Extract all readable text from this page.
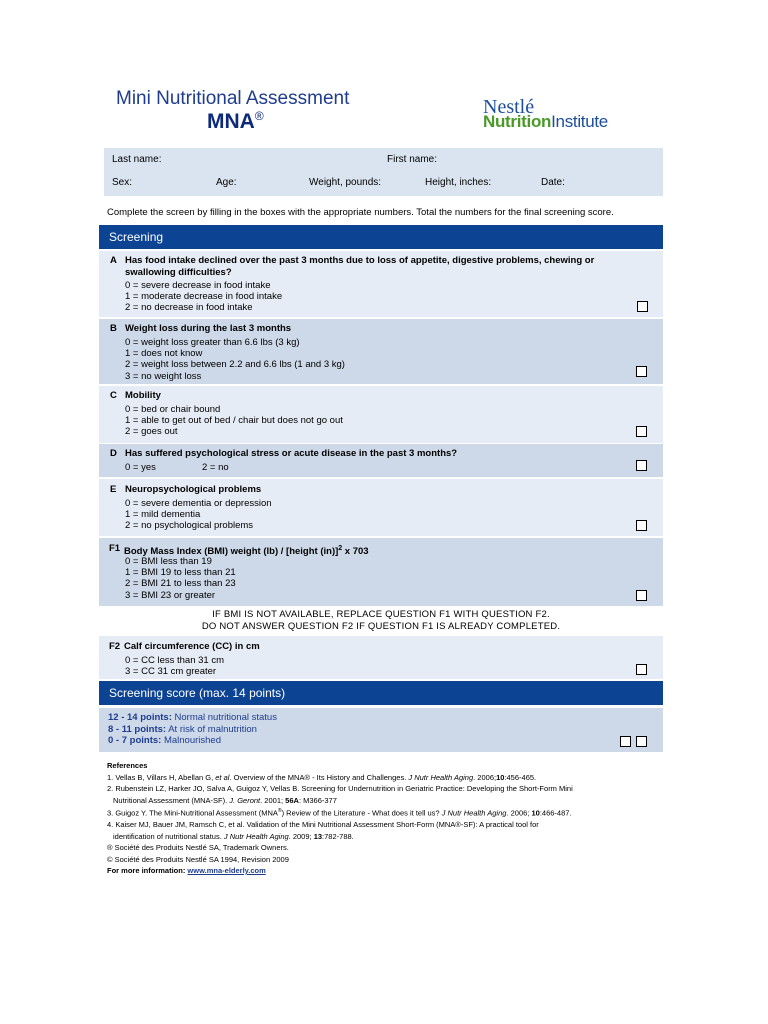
Mini Nutritional Assessment
MNA®	Nestlé
NutritionInstitute
Last name:	First name:
Sex:	Age:	Weight, pounds:	Height, inches:	Date:
Complete the screen by filling in the boxes with the appropriate numbers. Total the numbers for the final screening score.
Screening
A Has food intake declined over the past 3 months due to loss of appetite, digestive problems, chewing or swallowing difficulties?
0 = severe decrease in food intake
1 = moderate decrease in food intake
2 = no decrease in food intake
B Weight loss during the last 3 months
0 = weight loss greater than 6.6 lbs (3 kg)
1 = does not know
2 = weight loss between 2.2 and 6.6 lbs (1 and 3 kg)
3 = no weight loss
C Mobility
0 = bed or chair bound
1 = able to get out of bed / chair but does not go out
2 = goes out
D Has suffered psychological stress or acute disease in the past 3 months?
0 = yes	2 = no
E Neuropsychological problems
0 = severe dementia or depression
1 = mild dementia
2 = no psychological problems
F1 Body Mass Index (BMI) weight (lb) / [height (in)]$^2$ x 703
0 = BMI less than 19
1 = BMI 19 to less than 21
2 = BMI 21 to less than 23
3 = BMI 23 or greater
IF BMI IS NOT AVAILABLE, REPLACE QUESTION F1 WITH QUESTION F2.
DO NOT ANSWER QUESTION F2 IF QUESTION F1 IS ALREADY COMPLETED.
F2 Calf circumference (CC) in cm
0 = CC less than 31 cm
3 = CC 31 cm greater
Screening score (max. 14 points)
12 - 14 points: Normal nutritional status
8 - 11 points: At risk of malnutrition
0 - 7 points: Malnourished
References
1. Vellas B, Villars H, Abellan G, et al. Overview of the MNA® - Its History and Challenges. J Nutr Health Aging. 2006;10:456-465.
2. Rubenstein LZ, Harker JO, Salva A, Guigoz Y, Vellas B. Screening for Undernutrition in Geriatric Practice: Developing the Short-Form Mini
Nutritional Assessment (MNA-SF). J. Geront. 2001; 56A: M366-377
3. Guigoz Y. The Mini-Nutritional Assessment (MNA®) Review of the Literature - What does it tell us? J Nutr Health Aging. 2006; 10:466-487.
4. Kaiser MJ, Bauer JM, Ramsch C, et al. Validation of the Mini Nutritional Assessment Short-Form (MNA®-SF): A practical tool for
identification of nutritional status. J Nutr Health Aging. 2009; 13:782-788.
® Société des Produits Nestlé SA, Trademark Owners.
© Société des Produits Nestlé SA 1994, Revision 2009
For more information: www.mna-elderly.com
